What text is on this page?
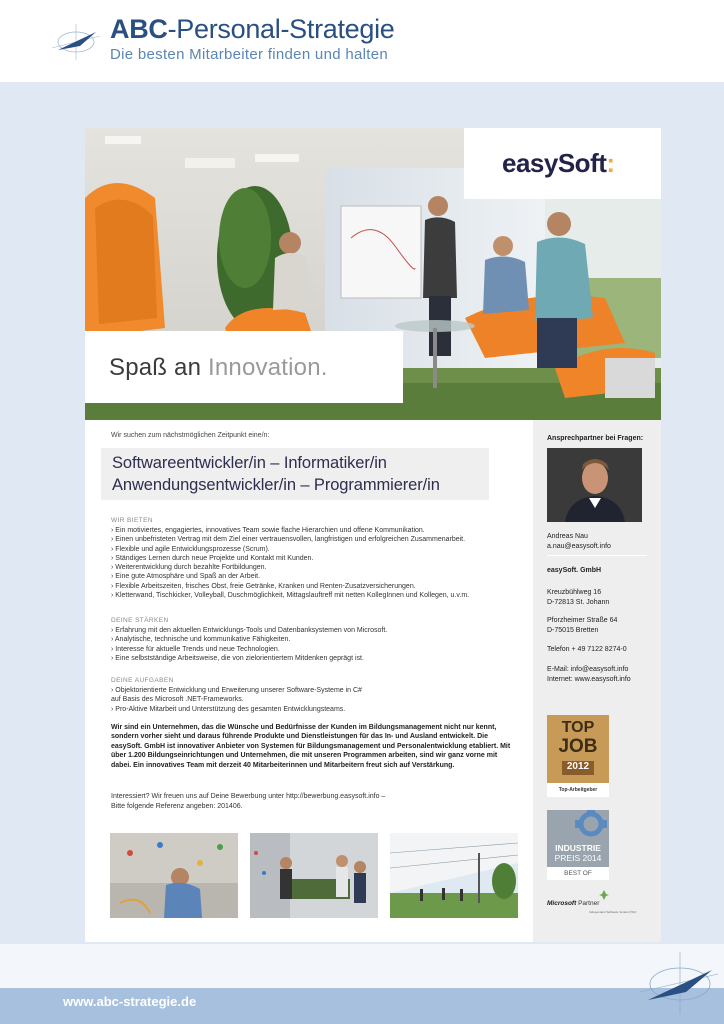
ABC-Personal-Strategie
Die besten Mitarbeiter finden und halten
www.abc-strategie.de
easySoft:
Spaß an Innovation.
Wir suchen zum nächstmöglichen Zeitpunkt eine/n:
Softwareentwickler/in – Informatiker/in
Anwendungsentwickler/in – Programmierer/in
WIR BIETEN
› Ein motiviertes, engagiertes, innovatives Team sowie flache Hierarchien und offene Kommunikation.
› Einen unbefristeten Vertrag mit dem Ziel einer vertrauensvollen, langfristigen und erfolgreichen Zusammenarbeit.
› Flexible und agile Entwicklungsprozesse (Scrum).
› Ständiges Lernen durch neue Projekte und Kontakt mit Kunden.
› Weiterentwicklung durch bezahlte Fortbildungen.
› Eine gute Atmosphäre und Spaß an der Arbeit.
› Flexible Arbeitszeiten, frisches Obst, freie Getränke, Kranken und Renten-Zusatzversicherungen.
› Kletterwand, Tischkicker, Volleyball, Duschmöglichkeit, Mittagslauftreff mit netten KollegInnen und Kollegen, u.v.m.
DEINE STÄRKEN
› Erfahrung mit den aktuellen Entwicklungs-Tools und Datenbanksystemen von Microsoft.
› Analytische, technische und kommunikative Fähigkeiten.
› Interesse für aktuelle Trends und neue Technologien.
› Eine selbstständige Arbeitsweise, die von zielorientiertem Mitdenken geprägt ist.
DEINE AUFGABEN
› Objektorientierte Entwicklung und Erweiterung unserer Software-Systeme in C#
auf Basis des Microsoft .NET-Frameworks.
› Pro-Aktive Mitarbeit und Unterstützung des gesamten Entwicklungsteams.
Wir sind ein Unternehmen, das die Wünsche und Bedürfnisse der Kunden im Bildungsmanagement nicht nur kennt, sondern vorher sieht und daraus führende Produkte und Dienstleistungen für das In- und Ausland entwickelt. Die easySoft. GmbH ist innovativer Anbieter von Systemen für Bildungsmanagement und Personalentwicklung etabliert. Mit über 1.200 Bildungseinrichtungen und Unternehmen, die mit unseren Programmen arbeiten, sind wir ganz vorne mit dabei. Ein innovatives Team mit derzeit 40 Mitarbeiterinnen und Mitarbeitern freut sich auf Verstärkung.
Interessiert? Wir freuen uns auf Deine Bewerbung unter http://bewerbung.easysoft.info –
Bitte folgende Referenz angeben: 201406.
Ansprechpartner bei Fragen:
Andreas Nau
a.nau@easysoft.info
easySoft. GmbH
Kreuzbühlweg 16
D-72813 St. Johann
Pforzheimer Straße 64
D-75015 Bretten
Telefon + 49 7122 8274-0
E-Mail: info@easysoft.info
Internet: www.easysoft.info
TOP
JOB
2012
Top-Arbeitgeber
INDUSTRIE
PREIS 2014
BEST OF
Microsoft Partner
Independent Software Vendor (ISV)
